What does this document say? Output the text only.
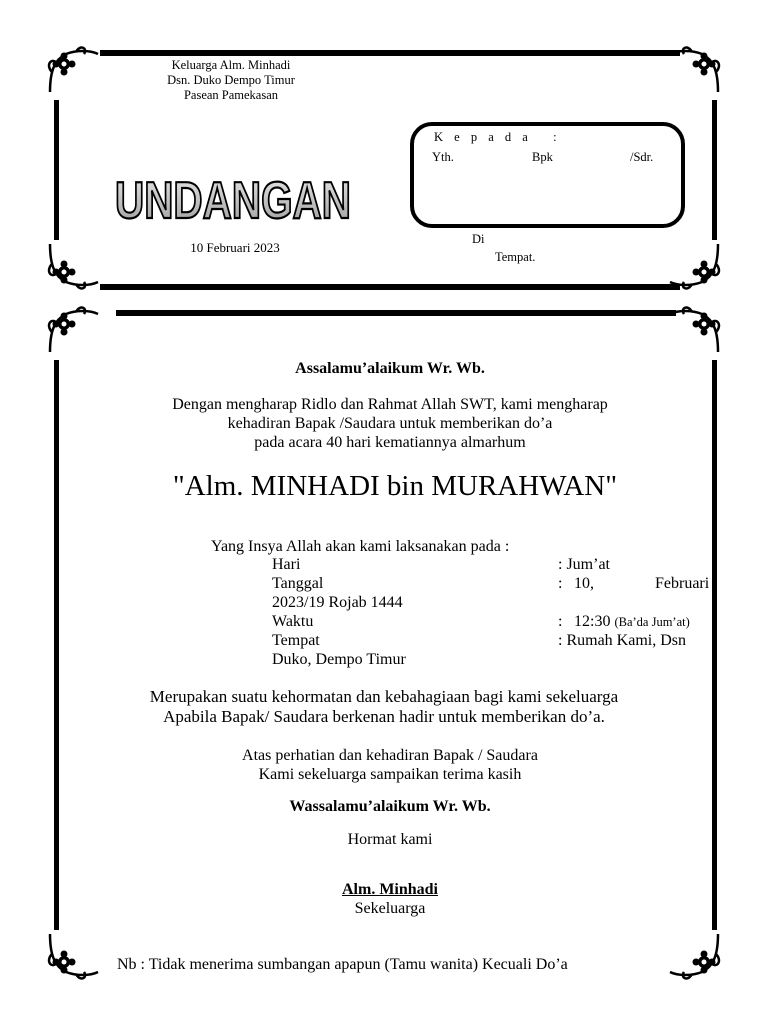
Keluarga Alm. Minhadi
Dsn. Duko Dempo Timur
Pasean Pamekasan
UNDANGAN
10 Februari 2023
K e p a d a   :
Yth.	Bpk	/Sdr.
Di
Tempat.
Assalamu’alaikum Wr. Wb.
Dengan mengharap Ridlo dan Rahmat Allah SWT, kami mengharap
kehadiran Bapak /Saudara untuk memberikan do’a
pada acara 40 hari kematiannya almarhum
"Alm. MINHADI bin MURAHWAN"
Yang Insya Allah akan kami laksanakan pada :
Hari	: Jum’at
Tanggal	: 10,	Februari
2023/19 Rojab 1444
Waktu	: 12:30 (Ba’da Jum’at)
Tempat	: Rumah Kami, Dsn
Duko, Dempo Timur
Merupakan suatu kehormatan dan kebahagiaan bagi kami sekeluarga
Apabila Bapak/ Saudara berkenan hadir untuk memberikan do’a.
Atas perhatian dan kehadiran Bapak / Saudara
Kami sekeluarga sampaikan terima kasih
Wassalamu’alaikum Wr. Wb.
Hormat kami
Alm. Minhadi
Sekeluarga
Nb : Tidak menerima sumbangan apapun (Tamu wanita) Kecuali Do’a
